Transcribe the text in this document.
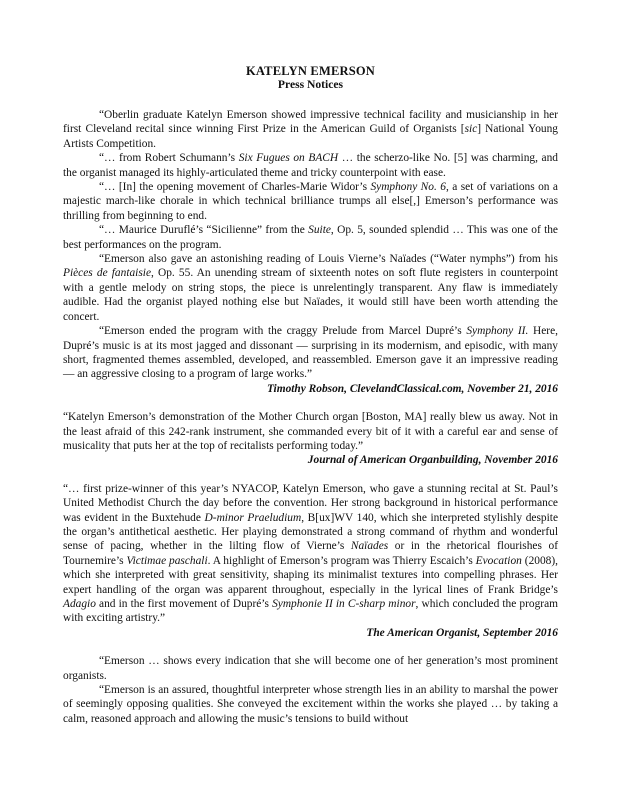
KATELYN EMERSON
Press Notices

“Oberlin graduate Katelyn Emerson showed impressive technical facility and musicianship in her first Cleveland recital since winning First Prize in the American Guild of Organists [sic] National Young Artists Competition.

“… from Robert Schumann’s Six Fugues on BACH … the scherzo-like No. [5] was charming, and the organist managed its highly-articulated theme and tricky counterpoint with ease.

“… [In] the opening movement of Charles-Marie Widor’s Symphony No. 6, a set of variations on a majestic march-like chorale in which technical brilliance trumps all else[,] Emerson’s performance was thrilling from beginning to end.

“… Maurice Duruflé’s “Sicilienne” from the Suite, Op. 5, sounded splendid … This was one of the best performances on the program.

“Emerson also gave an astonishing reading of Louis Vierne’s Naïades (“Water nymphs”) from his Pièces de fantaisie, Op. 55. An unending stream of sixteenth notes on soft flute registers in counterpoint with a gentle melody on string stops, the piece is unrelentingly transparent. Any flaw is immediately audible. Had the organist played nothing else but Naïades, it would still have been worth attending the concert.

“Emerson ended the program with the craggy Prelude from Marcel Dupré’s Symphony II. Here, Dupré’s music is at its most jagged and dissonant — surprising in its modernism, and episodic, with many short, fragmented themes assembled, developed, and reassembled. Emerson gave it an impressive reading — an aggressive closing to a program of large works.”

Timothy Robson, ClevelandClassical.com, November 21, 2016

“Katelyn Emerson’s demonstration of the Mother Church organ [Boston, MA] really blew us away. Not in the least afraid of this 242-rank instrument, she commanded every bit of it with a careful ear and sense of musicality that puts her at the top of recitalists performing today.”

Journal of American Organbuilding, November 2016

“… first prize-winner of this year’s NYACOP, Katelyn Emerson, who gave a stunning recital at St. Paul’s United Methodist Church the day before the convention. Her strong background in historical performance was evident in the Buxtehude D-minor Praeludium, B[ux]WV 140, which she interpreted stylishly despite the organ’s antithetical aesthetic. Her playing demonstrated a strong command of rhythm and wonderful sense of pacing, whether in the lilting flow of Vierne’s Naïades or in the rhetorical flourishes of Tournemire’s Victimae paschali. A highlight of Emerson’s program was Thierry Escaich’s Evocation (2008), which she interpreted with great sensitivity, shaping its minimalist textures into compelling phrases. Her expert handling of the organ was apparent throughout, especially in the lyrical lines of Frank Bridge’s Adagio and in the first movement of Dupré’s Symphonie II in C-sharp minor, which concluded the program with exciting artistry.”

The American Organist, September 2016

“Emerson … shows every indication that she will become one of her generation’s most prominent organists.

“Emerson is an assured, thoughtful interpreter whose strength lies in an ability to marshal the power of seemingly opposing qualities. She conveyed the excitement within the works she played … by taking a calm, reasoned approach and allowing the music’s tensions to build without
